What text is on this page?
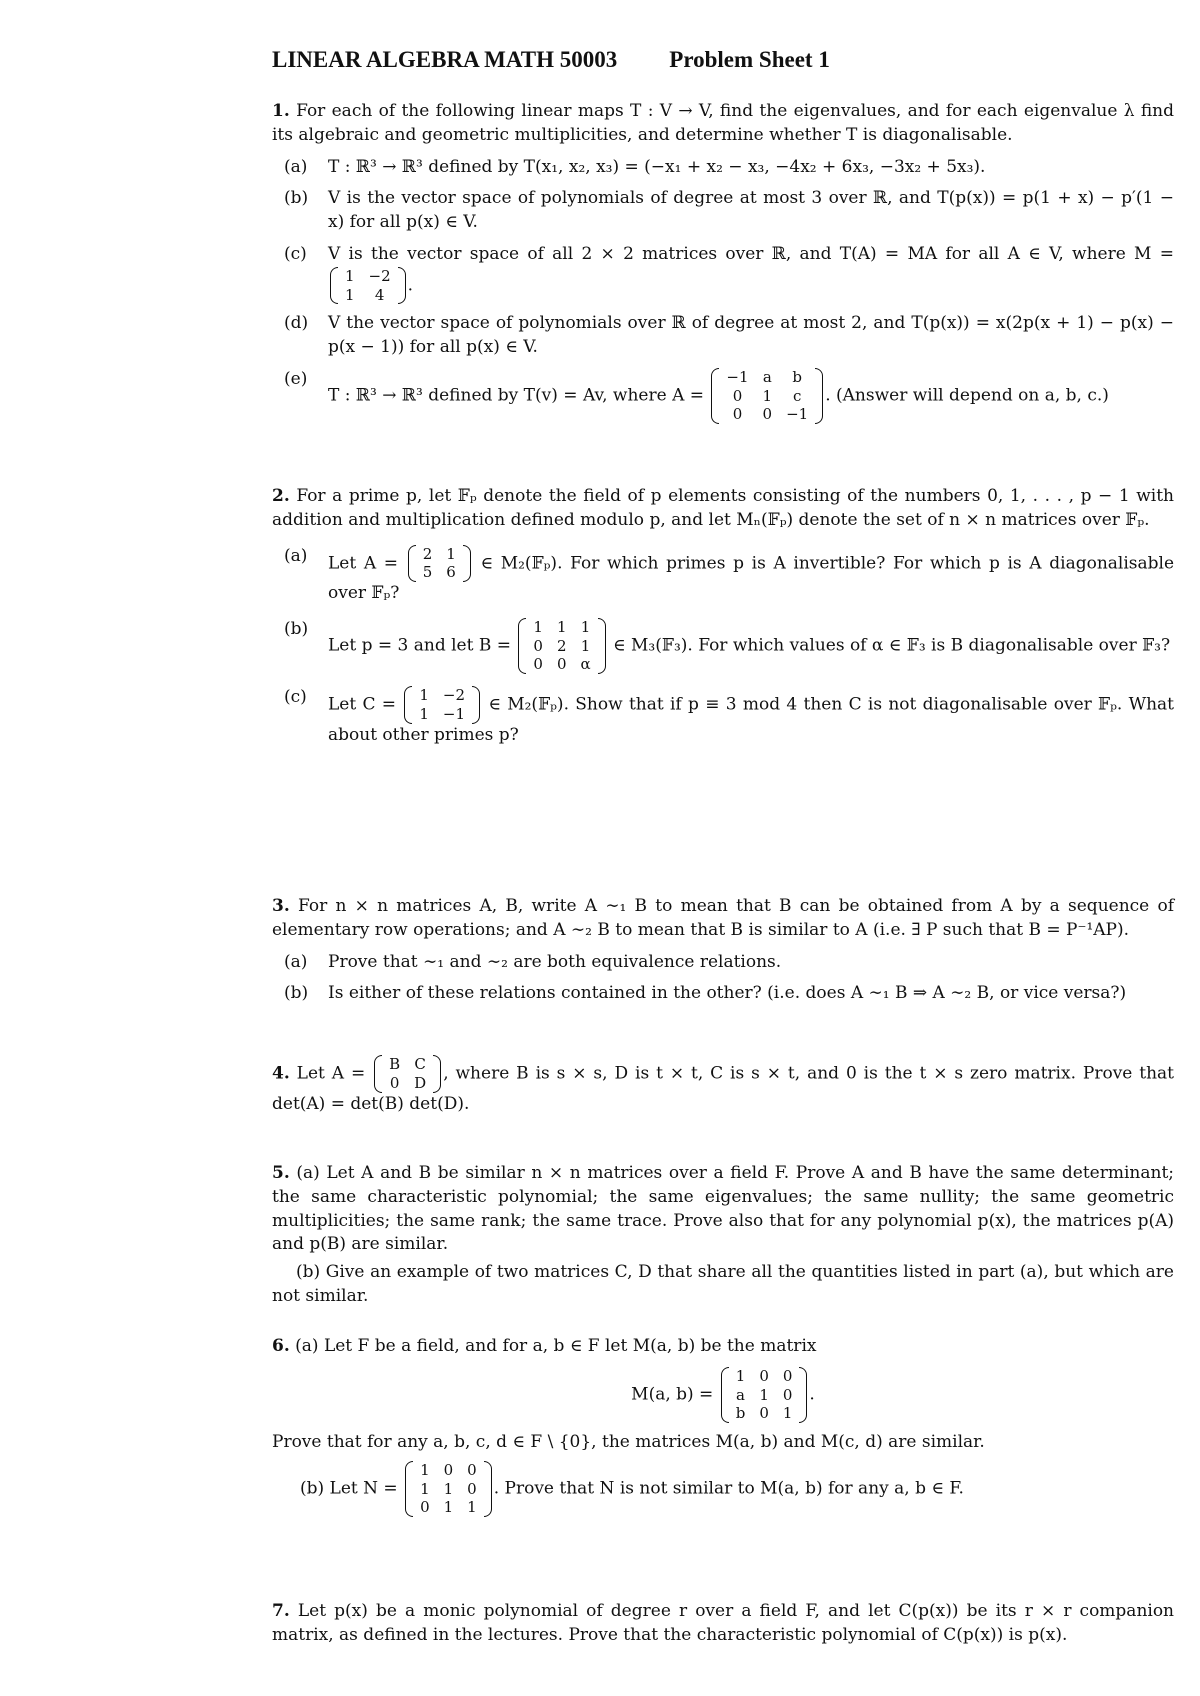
LINEAR ALGEBRA MATH 50003 Problem Sheet 1
1. For each of the following linear maps T : V → V, find the eigenvalues, and for each eigenvalue λ find its algebraic and geometric multiplicities, and determine whether T is diagonalisable.
(a) T : ℝ³ → ℝ³ defined by T(x₁, x₂, x₃) = (−x₁ + x₂ − x₃, −4x₂ + 6x₃, −3x₂ + 5x₃).
(b) V is the vector space of polynomials of degree at most 3 over ℝ, and T(p(x)) = p(1 + x) − p′(1 − x) for all p(x) ∈ V.
(c) V is the vector space of all 2 × 2 matrices over ℝ, and T(A) = MA for all A ∈ V, where M =
1	−2
1	4 .
(d) V the vector space of polynomials over ℝ of degree at most 2, and T(p(x)) = x(2p(x + 1) − p(x) − p(x − 1)) for all p(x) ∈ V.
(e)
T : ℝ³ → ℝ³ defined by T(v) = Av, where A =
−1	a	b
0	1	c
0	0	−1
. (Answer will depend on a, b, c.)
2. For a prime p, let 𝔽ₚ denote the field of p elements consisting of the numbers 0, 1, . . . , p − 1 with addition and multiplication defined modulo p, and let Mₙ(𝔽ₚ) denote the set of n × n matrices over 𝔽ₚ.
(a) Let A = 2	1
5	6 ∈ M₂(𝔽ₚ). For which primes p is A invertible? For which p is A diagonalisable over 𝔽ₚ?
(b)
Let p = 3 and let B =
1	1	1
0	2	1
0	0	α
∈ M₃(𝔽₃). For which values of α ∈ 𝔽₃ is B diagonalisable over 𝔽₃?
(c) Let C = 1	−2
1	−1 ∈ M₂(𝔽ₚ). Show that if p ≡ 3 mod 4 then C is not diagonalisable over 𝔽ₚ. What about other primes p?
3. For n × n matrices A, B, write A ∼₁ B to mean that B can be obtained from A by a sequence of elementary row operations; and A ∼₂ B to mean that B is similar to A (i.e. ∃ P such that B = P⁻¹AP).
(a) Prove that ∼₁ and ∼₂ are both equivalence relations.
(b) Is either of these relations contained in the other? (i.e. does A ∼₁ B ⇒ A ∼₂ B, or vice versa?)
4. Let A = B	C
0	D , where B is s × s, D is t × t, C is s × t, and 0 is the t × s zero matrix. Prove that det(A) = det(B) det(D).
5. (a) Let A and B be similar n × n matrices over a field F. Prove A and B have the same determinant; the same characteristic polynomial; the same eigenvalues; the same nullity; the same geometric multiplicities; the same rank; the same trace. Prove also that for any polynomial p(x), the matrices p(A) and p(B) are similar.
(b) Give an example of two matrices C, D that share all the quantities listed in part (a), but which are not similar.
6. (a) Let F be a field, and for a, b ∈ F let M(a, b) be the matrix
M(a, b) =
1	0	0
a	1	0
b	0	1
.
Prove that for any a, b, c, d ∈ F \ {0}, the matrices M(a, b) and M(c, d) are similar.
(b) Let N =
1	0	0
1	1	0
0	1	1
. Prove that N is not similar to M(a, b) for any a, b ∈ F.
7. Let p(x) be a monic polynomial of degree r over a field F, and let C(p(x)) be its r × r companion matrix, as defined in the lectures. Prove that the characteristic polynomial of C(p(x)) is p(x).
